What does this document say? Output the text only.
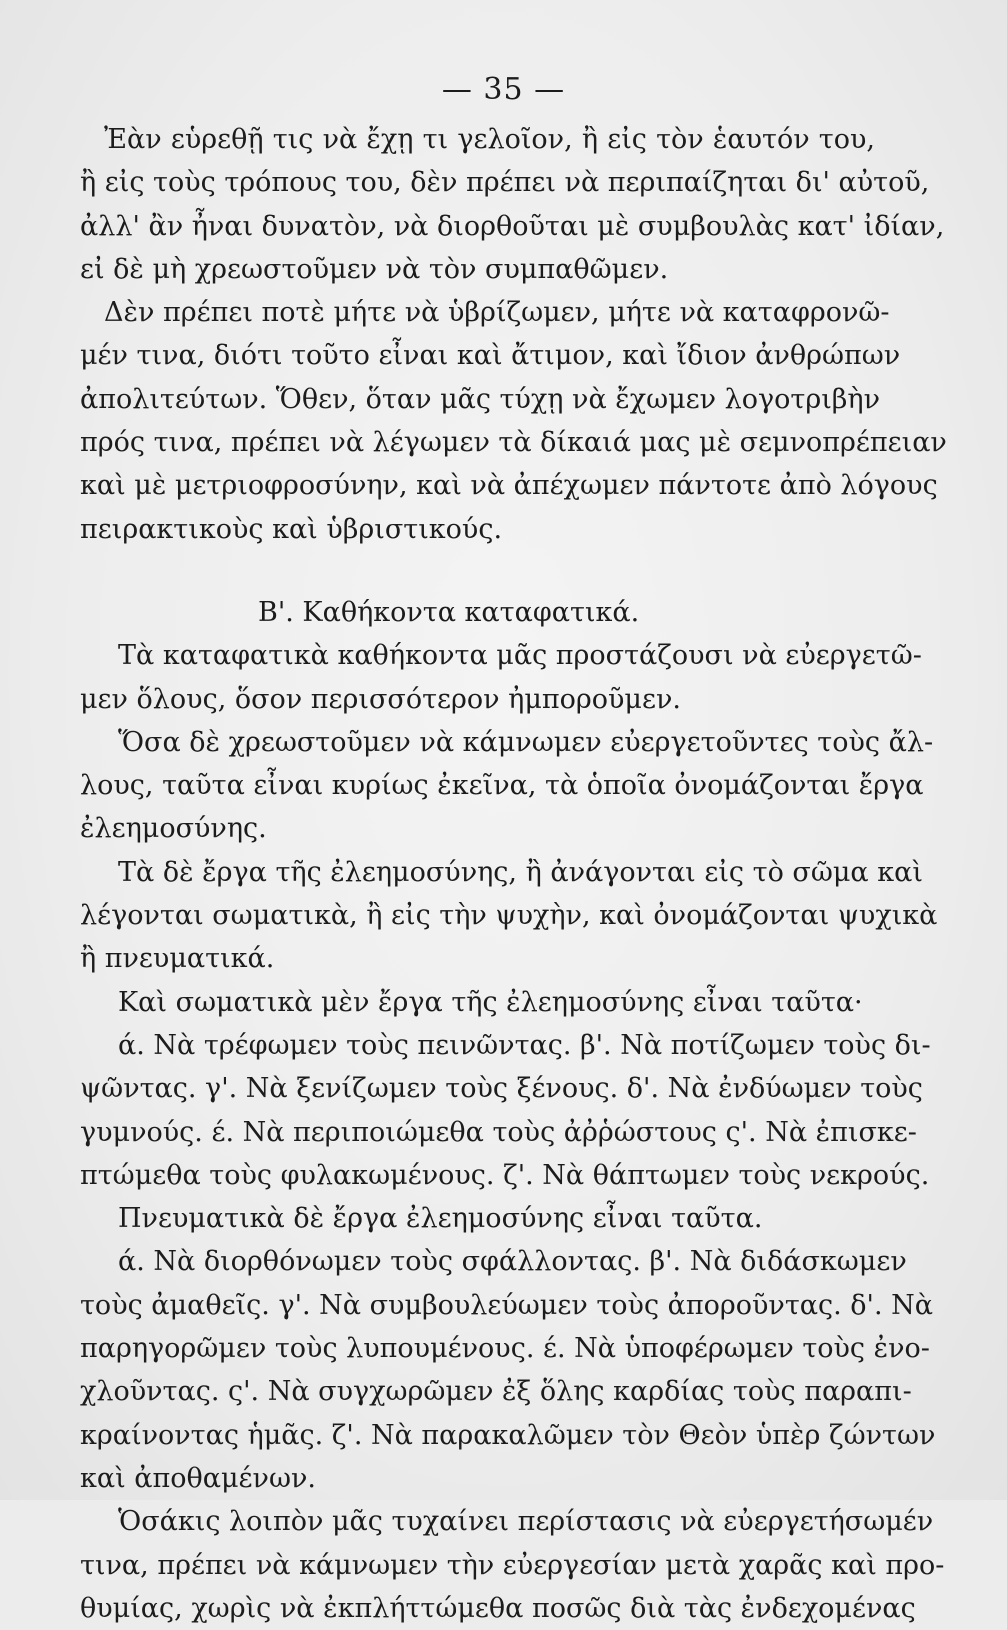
— 35 —
Ἐὰν εὑρεθῇ τις νὰ ἔχῃ τι γελοῖον, ἢ εἰς τὸν ἑαυτόν του,
ἢ εἰς τοὺς τρόπους του, δὲν πρέπει νὰ περιπαίζηται δι' αὐτοῦ,
ἀλλ' ἂν ἦναι δυνατὸν, νὰ διορθοῦται μὲ συμβουλὰς κατ' ἰδίαν,
εἰ δὲ μὴ χρεωστοῦμεν νὰ τὸν συμπαθῶμεν.
Δὲν πρέπει ποτὲ μήτε νὰ ὑβρίζωμεν, μήτε νὰ καταφρονῶ-
μέν τινα, διότι τοῦτο εἶναι καὶ ἄτιμον, καὶ ἴδιον ἀνθρώπων
ἀπολιτεύτων. Ὅθεν, ὅταν μᾶς τύχῃ νὰ ἔχωμεν λογοτριβὴν
πρός τινα, πρέπει νὰ λέγωμεν τὰ δίκαιά μας μὲ σεμνοπρέπειαν
καὶ μὲ μετριοφροσύνην, καὶ νὰ ἀπέχωμεν πάντοτε ἀπὸ λόγους
πειρακτικοὺς καὶ ὑβριστικούς.
Β'. Καθήκοντα καταφατικά.
Τὰ καταφατικὰ καθήκοντα μᾶς προστάζουσι νὰ εὐεργετῶ-
μεν ὅλους, ὅσον περισσότερον ἠμποροῦμεν.
Ὅσα δὲ χρεωστοῦμεν νὰ κάμνωμεν εὐεργετοῦντες τοὺς ἄλ-
λους, ταῦτα εἶναι κυρίως ἐκεῖνα, τὰ ὁποῖα ὀνομάζονται ἔργα
ἐλεημοσύνης.
Τὰ δὲ ἔργα τῆς ἐλεημοσύνης, ἢ ἀνάγονται εἰς τὸ σῶμα καὶ
λέγονται σωματικὰ, ἢ εἰς τὴν ψυχὴν, καὶ ὀνομάζονται ψυχικὰ
ἢ πνευματικά.
Καὶ σωματικὰ μὲν ἔργα τῆς ἐλεημοσύνης εἶναι ταῦτα·
ά. Νὰ τρέφωμεν τοὺς πεινῶντας. β'. Νὰ ποτίζωμεν τοὺς δι-
ψῶντας. γ'. Νὰ ξενίζωμεν τοὺς ξένους. δ'. Νὰ ἐνδύωμεν τοὺς
γυμνούς. έ. Νὰ περιποιώμεθα τοὺς ἀῤῥώστους ς'. Νὰ ἐπισκε-
πτώμεθα τοὺς φυλακωμένους. ζ'. Νὰ θάπτωμεν τοὺς νεκρούς.
Πνευματικὰ δὲ ἔργα ἐλεημοσύνης εἶναι ταῦτα.
ά. Νὰ διορθόνωμεν τοὺς σφάλλοντας. β'. Νὰ διδάσκωμεν
τοὺς ἀμαθεῖς. γ'. Νὰ συμβουλεύωμεν τοὺς ἀποροῦντας. δ'. Νὰ
παρηγορῶμεν τοὺς λυπουμένους. έ. Νὰ ὑποφέρωμεν τοὺς ἐνο-
χλοῦντας. ς'. Νὰ συγχωρῶμεν ἐξ ὅλης καρδίας τοὺς παραπι-
κραίνοντας ἡμᾶς. ζ'. Νὰ παρακαλῶμεν τὸν Θεὸν ὑπὲρ ζώντων
καὶ ἀποθαμένων.
Ὁσάκις λοιπὸν μᾶς τυχαίνει περίστασις νὰ εὐεργετήσωμέν
τινα, πρέπει νὰ κάμνωμεν τὴν εὐεργεσίαν μετὰ χαρᾶς καὶ προ-
θυμίας, χωρὶς νὰ ἐκπλήττώμεθα ποσῶς διὰ τὰς ἐνδεχομένας
